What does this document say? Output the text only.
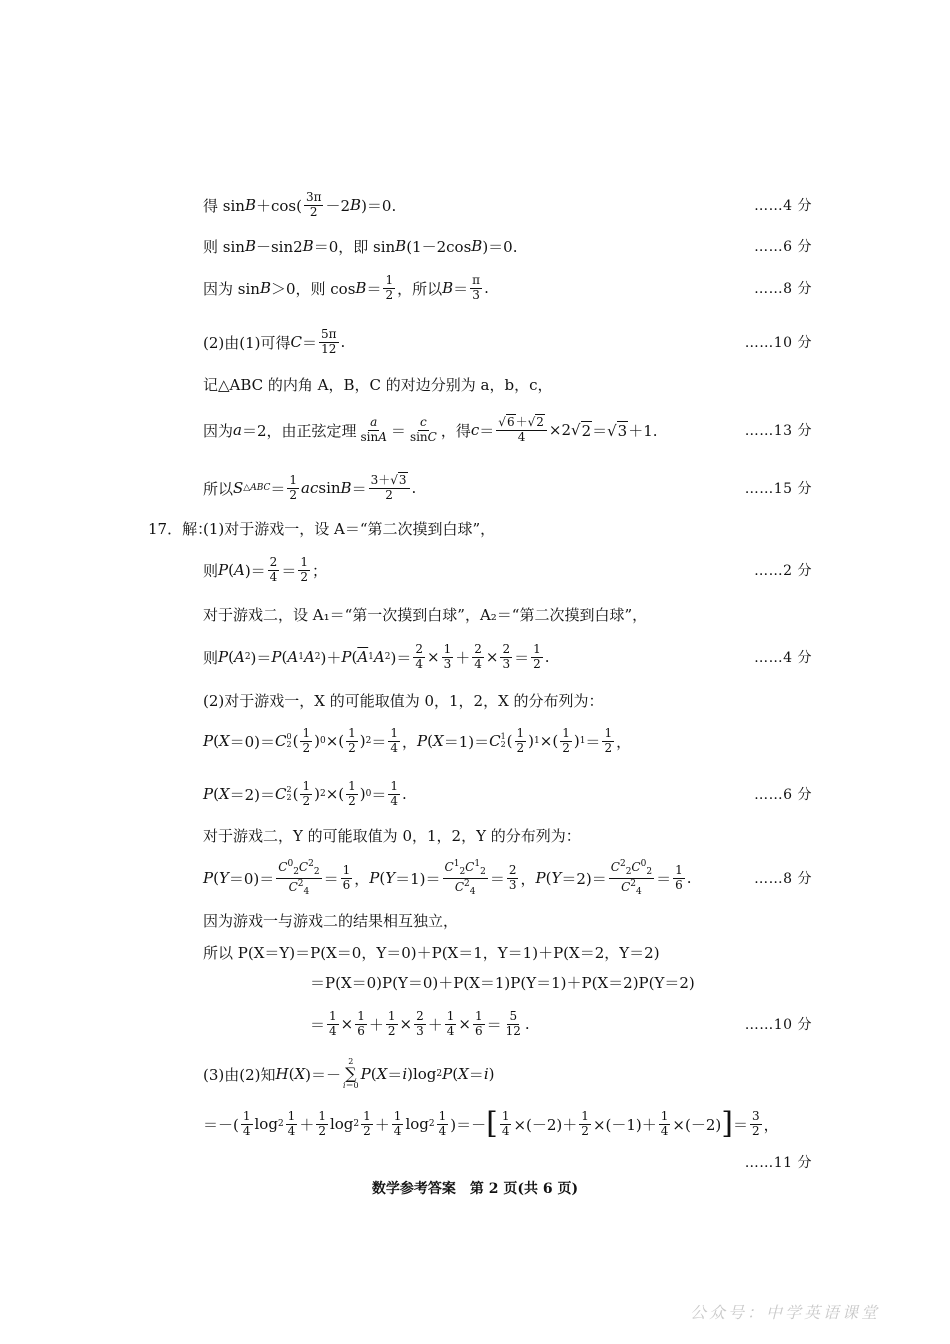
得 $\sin B +\cos( \frac{3\pi}{2} -2$ B )＝0.	……4 分
则 sin B －sin2 B ＝0，即 sin B (1－2cos B )＝0.	……6 分
因为 sin B ＞0，则 $\cos B = \frac{1}{2}$ ，所以 $B = \frac{\pi}{3}$ .	……8 分
(2)由(1)可得 $C = \frac{5\pi}{12}$ .	……10 分
记△ABC 的内角 A，B，C 的对边分别为 a，b，c，
因为 a ＝2，由正弦定理 $\frac{a}{\sin A} = \frac{c}{\sin C}$ ，得 $c = \frac{√6+√2}{4} \times 2√$ 2 ＝√ 3 ＋1.	……13 分
所以 S △ABC ＝ $\frac{1}{2}$ ac $\sin B = \frac{3+√3}{2}$ .	……15 分
17．解：
(1)对于游戏一，设 A＝“第二次摸到白球”，
则 P ( A )＝ $\frac{2}{4} = \frac{1}{2}$ ；	……2 分
对于游戏二，设 A₁＝“第一次摸到白球”，A₂＝“第二次摸到白球”，
则 P ( A 2 )＝ P ( A 1 A 2 )＋ P ( $\overline{A}$ 1 A 2 )＝ $\frac{2}{4} \times \frac{1}{3} + \frac{2}{4} \times \frac{2}{3} = \frac{1}{2}$ .	……4 分
(2)对于游戏一，X 的可能取值为 0，1，2，X 的分布列为：
P ( X ＝0)＝ C 0
2 ( $\frac{1}{2}$ ) 0 ×( $\frac{1}{2}$ ) $2 = \frac{1}{4}$ ， P ( X ＝1)＝ C 1
2 ( $\frac{1}{2}$ ) 1 ×( $\frac{1}{2}$ ) $1 = \frac{1}{2}$ ，
P ( X ＝2)＝ C 2
2 ( $\frac{1}{2}$ ) 2 ×( $\frac{1}{2}$ ) $0 = \frac{1}{4}$ .	……6 分
对于游戏二，Y 的可能取值为 0，1，2，Y 的分布列为：
P ( $Y =0)= \frac{C^0_2C^2_2}{C^2_4} = \frac{1}{6}$ ， P ( $Y =1)= \frac{C^1_2C^1_2}{C^2_4} = \frac{2}{3}$ ， P ( $Y =2)= \frac{C^2_2C^0_2}{C^2_4} = \frac{1}{6}$ .	……8 分
因为游戏一与游戏二的结果相互独立，
所以 P(X＝Y)＝P(X＝0，Y＝0)＋P(X＝1，Y＝1)＋P(X＝2，Y＝2)
＝P(X＝0)P(Y＝0)＋P(X＝1)P(Y＝1)＋P(X＝2)P(Y＝2)
＝ $\frac{1}{4} \times \frac{1}{6} + \frac{1}{2} \times \frac{2}{3} + \frac{1}{4} \times \frac{1}{6} = \frac{5}{12}$ .	……10 分
(3)由(2)知 H ( X )＝－
2
∑
i＝0
P ( X ＝ i )log 2 P ( X ＝ i )
＝－( $\frac{1}{4}$ $\log 2 \frac{1}{4} + \frac{1}{2}$ $\log 2 \frac{1}{2} + \frac{1}{4}$ $\log 2 \frac{1}{4}$ )＝－ [ $\frac{1}{4} \times(-2)+ \frac{1}{2} \times(-1)+ \frac{1}{4} \times(-2)$ ] ＝ $\frac{3}{2}$ ，
……11 分
数学参考答案　第 2 页(共 6 页)
公众号：中学英语课堂
